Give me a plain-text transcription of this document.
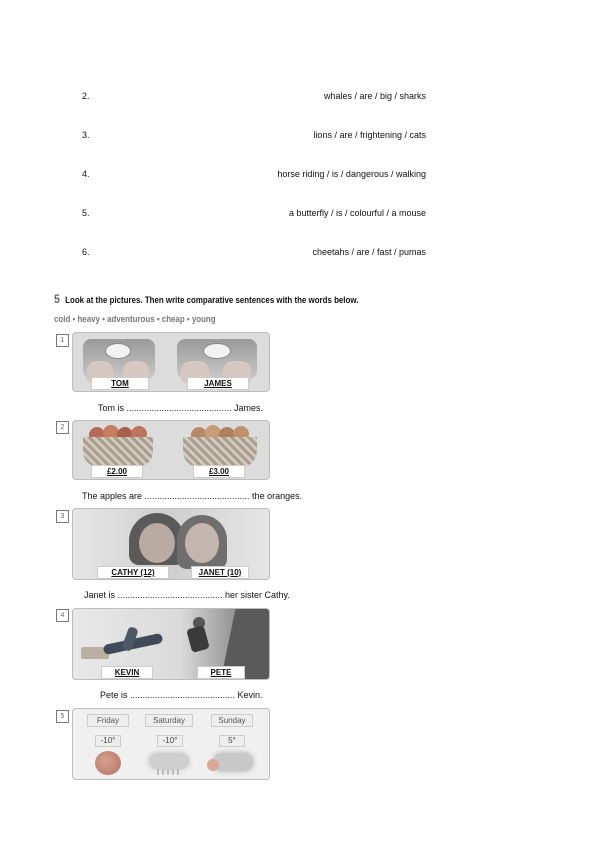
2.	whales / are / big / sharks
3.	lions / are / frightening / cats
4.	horse riding / is / dangerous / walking
5.	a butterfly / is / colourful / a mouse
6.	cheetahs / are / fast / pumas
5 Look at the pictures. Then write comparative sentences with the words below.
cold • heavy • adventurous • cheap • young
1
TOM	JAMES
Tom is .......................................... James.
2
£2.00	£3.00
The apples are .......................................... the oranges.
3
CATHY (12)	JANET (10)
Janet is .......................................... her sister Cathy.
4
KEVIN	PETE
Pete is .......................................... Kevin.
5	Friday	Saturday	Sunday
-10°	-10°	5°
